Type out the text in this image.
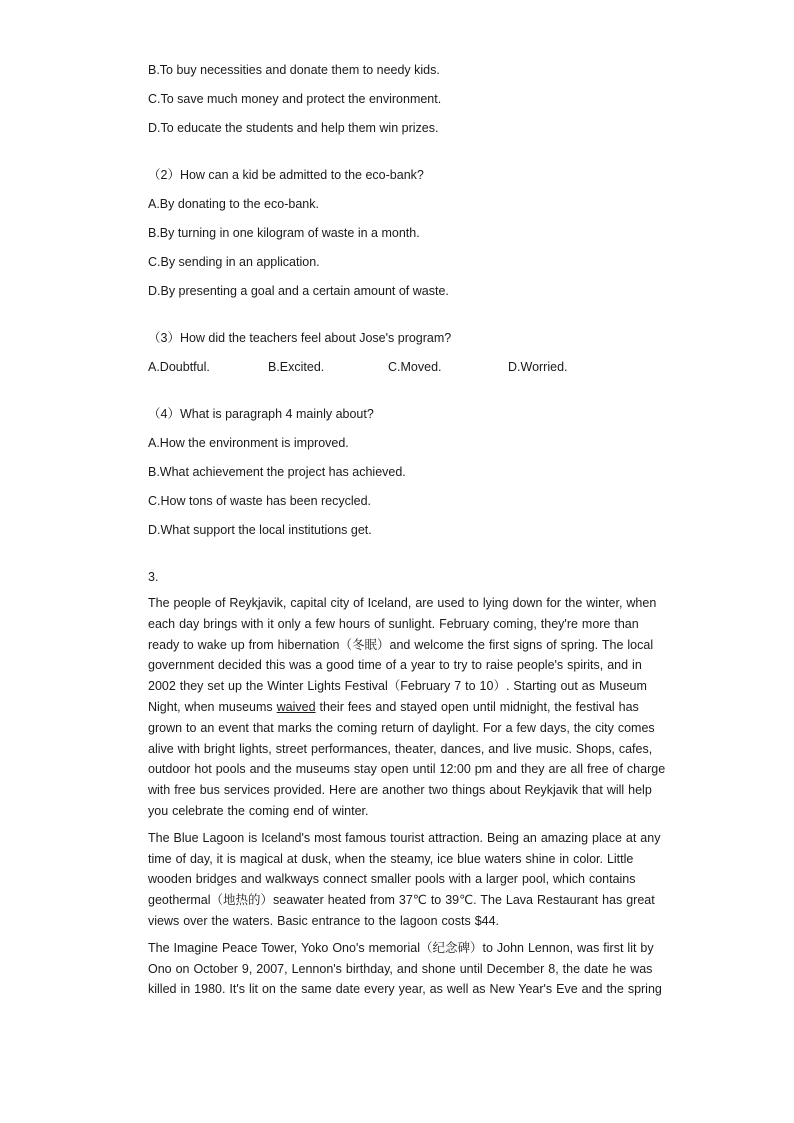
B.To buy necessities and donate them to needy kids.

C.To save much money and protect the environment.

D.To educate the students and help them win prizes.

（2）How can a kid be admitted to the eco-bank?

A.By donating to the eco-bank.

B.By turning in one kilogram of waste in a month.

C.By sending in an application.

D.By presenting a goal and a certain amount of waste.

（3）How did the teachers feel about Jose's program?

A.Doubtful.	B.Excited.	C.Moved.	D.Worried.

（4）What is paragraph 4 mainly about?

A.How the environment is improved.

B.What achievement the project has achieved.

C.How tons of waste has been recycled.

D.What support the local institutions get.

3.

The people of Reykjavik, capital city of Iceland, are used to lying down for the winter, when
each day brings with it only a few hours of sunlight. February coming, they're more than
ready to wake up from hibernation（冬眠）and welcome the first signs of spring. The local
government decided this was a good time of a year to try to raise people's spirits, and in
2002 they set up the Winter Lights Festival（February 7 to 10）. Starting out as Museum
Night, when museums waived their fees and stayed open until midnight, the festival has
grown to an event that marks the coming return of daylight. For a few days, the city comes
alive with bright lights, street performances, theater, dances, and live music. Shops, cafes,
outdoor hot pools and the museums stay open until 12:00 pm and they are all free of charge
with free bus services provided. Here are another two things about Reykjavik that will help
you celebrate the coming end of winter.
The Blue Lagoon is Iceland's most famous tourist attraction. Being an amazing place at any
time of day, it is magical at dusk, when the steamy, ice blue waters shine in color. Little
wooden bridges and walkways connect smaller pools with a larger pool, which contains
geothermal（地热的）seawater heated from 37℃ to 39℃. The Lava Restaurant has great
views over the waters. Basic entrance to the lagoon costs $44.
The Imagine Peace Tower, Yoko Ono's memorial（纪念碑）to John Lennon, was first lit by
Ono on October 9, 2007, Lennon's birthday, and shone until December 8, the date he was
killed in 1980. It's lit on the same date every year, as well as New Year's Eve and the spring
